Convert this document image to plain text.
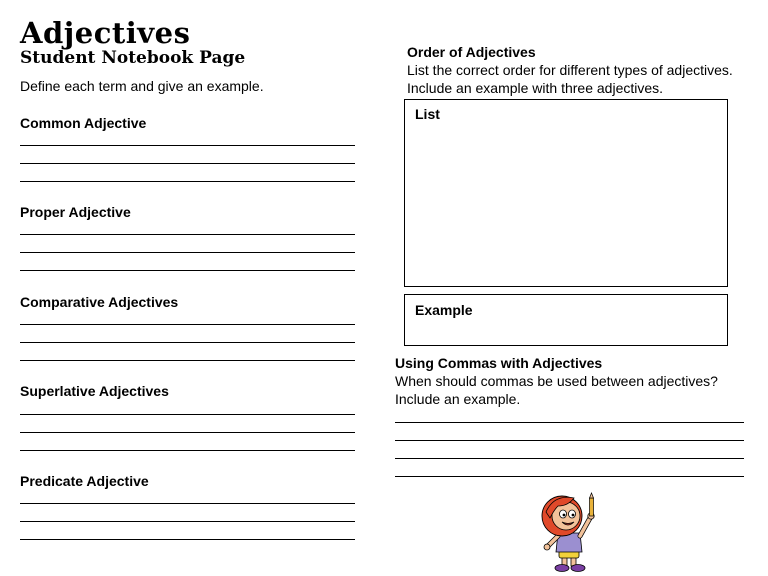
Adjectives
Student Notebook Page
Define each term and give an example.
Common Adjective
Proper Adjective
Comparative Adjectives
Superlative Adjectives
Predicate Adjective
Order of Adjectives
List the correct order for different types of adjectives.
Include an example with three adjectives.
List
Example
Using Commas with Adjectives
When should commas be used between adjectives?
Include an example.
